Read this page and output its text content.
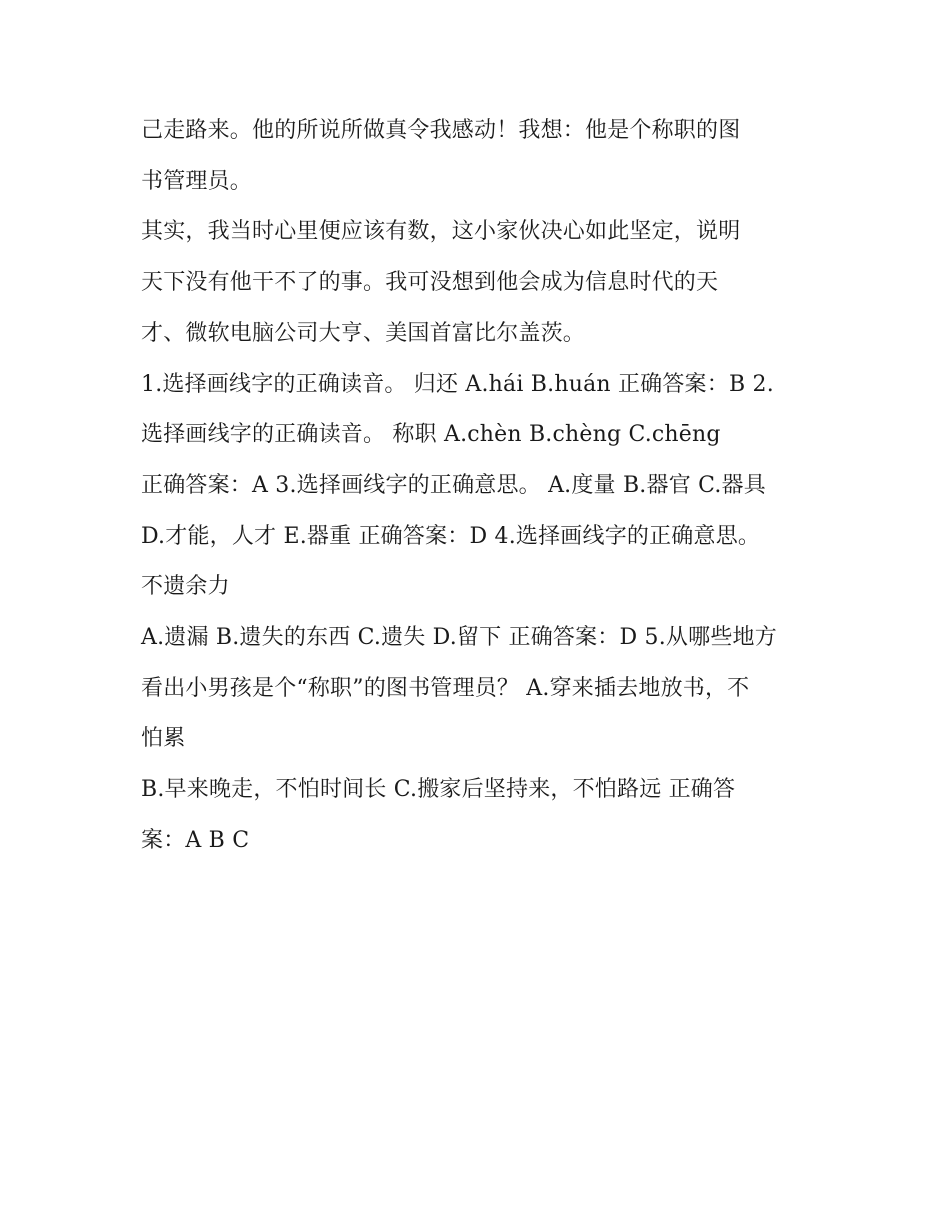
己走路来。他的所说所做真令我感动！我想：他是个称职的图
书管理员。
其实，我当时心里便应该有数，这小家伙决心如此坚定，说明
天下没有他干不了的事。我可没想到他会成为信息时代的天
才、微软电脑公司大亨、美国首富比尔盖茨。
1.选择画线字的正确读音。 归还 A.hái B.huán 正确答案：B 2.
选择画线字的正确读音。 称职 A.chèn B.chèng C.chēng
正确答案：A 3.选择画线字的正确意思。 A.度量 B.器官 C.器具
D.才能，人才 E.器重 正确答案：D 4.选择画线字的正确意思。
不遗余力
A.遗漏 B.遗失的东西 C.遗失 D.留下 正确答案：D 5.从哪些地方
看出小男孩是个“称职”的图书管理员？ A.穿来插去地放书，不
怕累
B.早来晚走，不怕时间长 C.搬家后坚持来，不怕路远 正确答
案：A B C
